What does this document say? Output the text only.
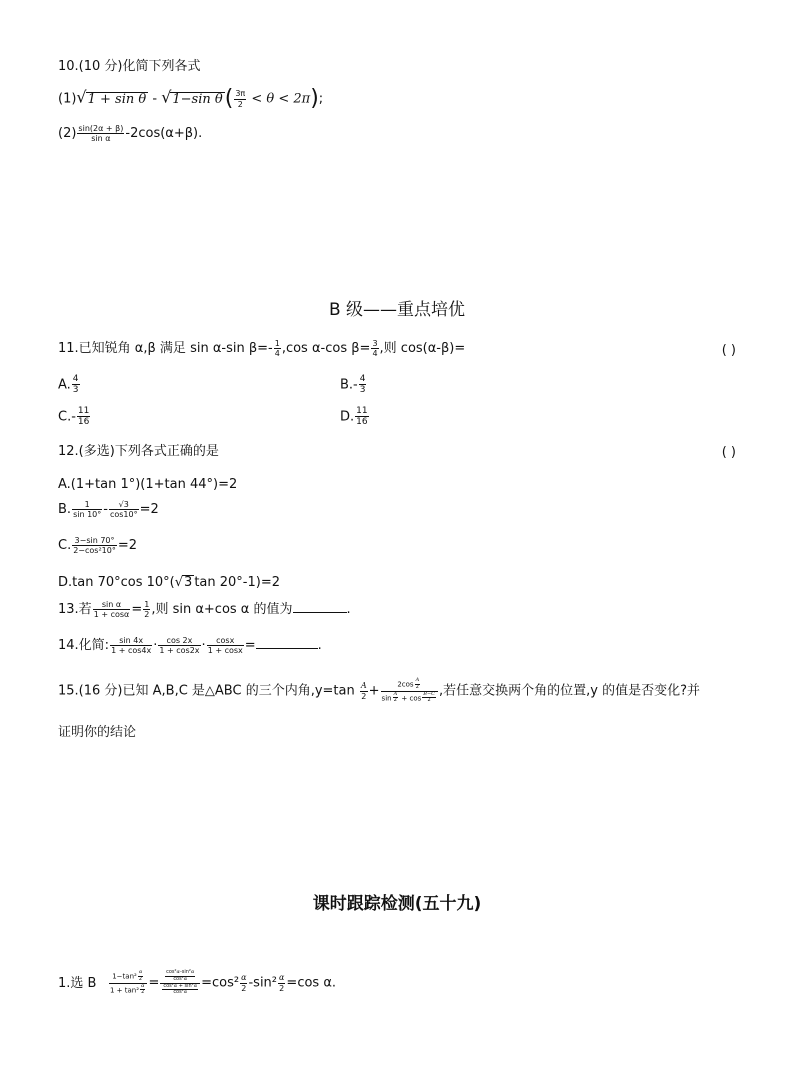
10.(10 分)化简下列各式
(1)√1 + sin θ - √1−sin $\theta( \frac{3\pi}{2} < \theta < 2\pi)$;
$(2) \frac{\sin(2\alpha + \beta)}{\text{sin α}} -2\cos(\alpha+\beta)$.
B 级——重点培优
11.已知锐角 α,β 满足 sin α-sin $\beta=- \frac{1}{4} ,\cos$ α-cos $\beta= \frac{3}{4}$ ,则 cos(α-β)=	( )
A. $\frac{4}{3}$	$B.- \frac{4}{3}$
$C.- \frac{11}{16}$	D. $\frac{11}{16}$
12.(多选)下列各式正确的是	( )
A.(1+tan 1°)(1+tan 44°)=2
B. $\frac{1}{\sin 10^\circ} - \frac{√3}{\cos 10^\circ} =2$
C. $\frac{3-\sin 70^\circ}{\text{2−cos²10°}} =2$
D.tan 70°cos 10°(√3 tan 20°-1)=2
13.若 $\frac{\text{sin α}}{1 + \cos\alpha} = \frac{1}{2}$ ,则 sin α+cos α 的值为	.
14.化简: $\frac{\sin 4x}{1 + \cos 4x} \cdot \frac{\cos 2x}{1 + \cos 2x} \cdot \frac{\cos x}{1 + \cos x}$ =	.
15.(16 分)已知 A,B,C 是△ABC 的三个内角$,y=\tan \frac{A}{2} + \frac{2\cos \frac{A}{2}}{\sin \frac{A}{2} + \cos \frac{B-C}{2}}$ ,若任意交换两个角的位置,y 的值是否变化?并
证明你的结论
课时跟踪检测(五十九)
1.选 B $\frac{1-\tan^2 \frac{\alpha}{2}}{1 + \tan^2 \frac{\alpha}{2}} = \frac{\frac{\text{cos²α-sin²α}}{\text{cos²α}}}{\frac{\text{cos²α + sin²α}}{\text{cos²α}}} =\cos^2 \frac{\alpha}{2} -\sin^2 \frac{\alpha}{2} =\cos$ α.
